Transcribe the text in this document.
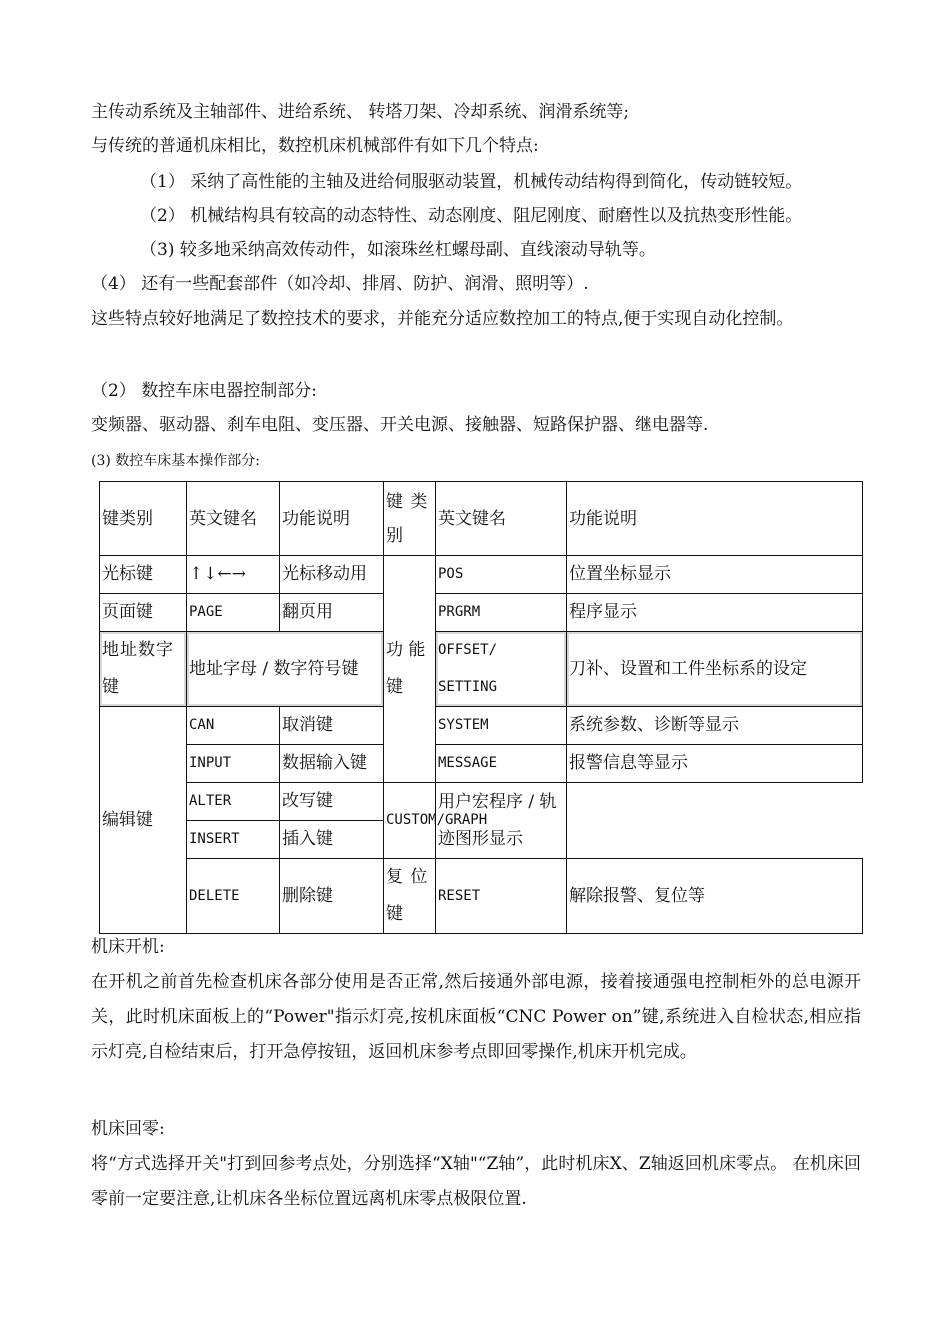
主传动系统及主轴部件、进给系统、 转塔刀架、冷却系统、润滑系统等;
与传统的普通机床相比，数控机床机械部件有如下几个特点:
（1） 采纳了高性能的主轴及进给伺服驱动装置，机械传动结构得到简化，传动链较短。
（2） 机械结构具有较高的动态特性、动态刚度、阻尼刚度、耐磨性以及抗热变形性能。
（3) 较多地采纳高效传动件，如滚珠丝杠螺母副、直线滚动导轨等。
（4） 还有一些配套部件（如冷却、排屑、防护、润滑、照明等）.
这些特点较好地满足了数控技术的要求，并能充分适应数控加工的特点,便于实现自动化控制。
（2） 数控车床电器控制部分:
变频器、驱动器、刹车电阻、变压器、开关电源、接触器、短路保护器、继电器等.
(3) 数控车床基本操作部分:
键类别	英文键名	功能说明	键 类别	英文键名	功能说明
光标键	↑↓←→	光标移动用	功 能键	POS	位置坐标显示
页面键	PAGE	翻页用		PRGRM	程序显示
地址数字键	地址字母 / 数字符号键			OFFSET/ SETTING	刀补、设置和工件坐标系的设定
编辑键	CAN	取消键		SYSTEM	系统参数、诊断等显示
	INPUT	数据输入键		MESSAGE	报警信息等显示
	ALTER	改写键	CUSTOM/GRAPH	用户宏程序 / 轨迹图形显示	
	INSERT	插入键			
	DELETE	删除键	复 位键	RESET	解除报警、复位等
机床开机:
在开机之前首先检查机床各部分使用是否正常,然后接通外部电源，接着接通强电控制柜外的总电源开关，此时机床面板上的“Power"指示灯亮,按机床面板“CNC Power on”键,系统进入自检状态,相应指示灯亮,自检结束后，打开急停按钮，返回机床参考点即回零操作,机床开机完成。
机床回零:
将“方式选择开关"打到回参考点处，分别选择“X轴"“Z轴”，此时机床X、Z轴返回机床零点。 在机床回零前一定要注意,让机床各坐标位置远离机床零点极限位置.
